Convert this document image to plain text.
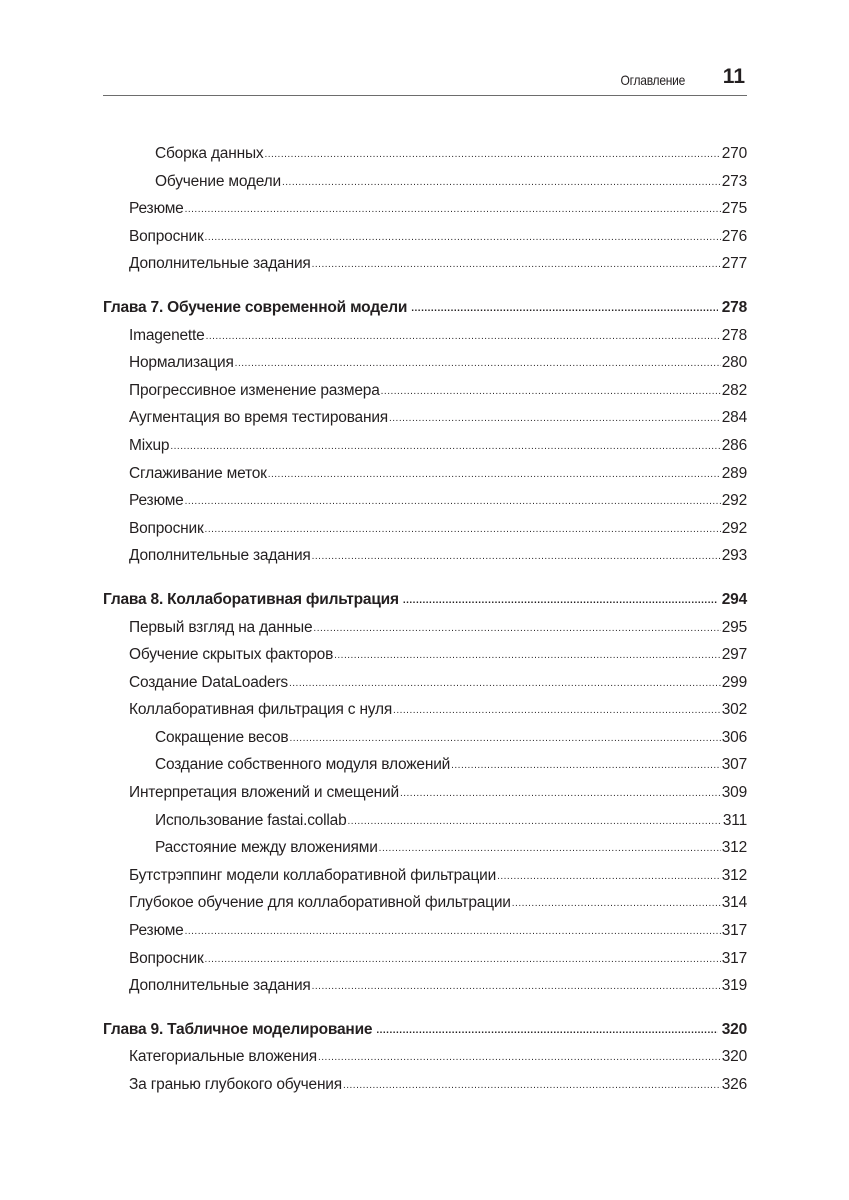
Оглавление 11
Сборка данных .....	270
Обучение модели .....	273
Резюме .....	275
Вопросник .....	276
Дополнительные задания .....	277
Глава 7. Обучение современной модели .....	278
Imagenette .....	278
Нормализация .....	280
Прогрессивное изменение размера .....	282
Аугментация во время тестирования .....	284
Mixup .....	286
Сглаживание меток .....	289
Резюме .....	292
Вопросник .....	292
Дополнительные задания .....	293
Глава 8. Коллаборативная фильтрация .....	294
Первый взгляд на данные .....	295
Обучение скрытых факторов .....	297
Создание DataLoaders .....	299
Коллаборативная фильтрация с нуля .....	302
Сокращение весов .....	306
Создание собственного модуля вложений .....	307
Интерпретация вложений и смещений .....	309
Использование fastai.collab .....	311
Расстояние между вложениями .....	312
Бутстрэппинг модели коллаборативной фильтрации .....	312
Глубокое обучение для коллаборативной фильтрации .....	314
Резюме .....	317
Вопросник .....	317
Дополнительные задания .....	319
Глава 9. Табличное моделирование .....	320
Категориальные вложения .....	320
За гранью глубокого обучения .....	326
